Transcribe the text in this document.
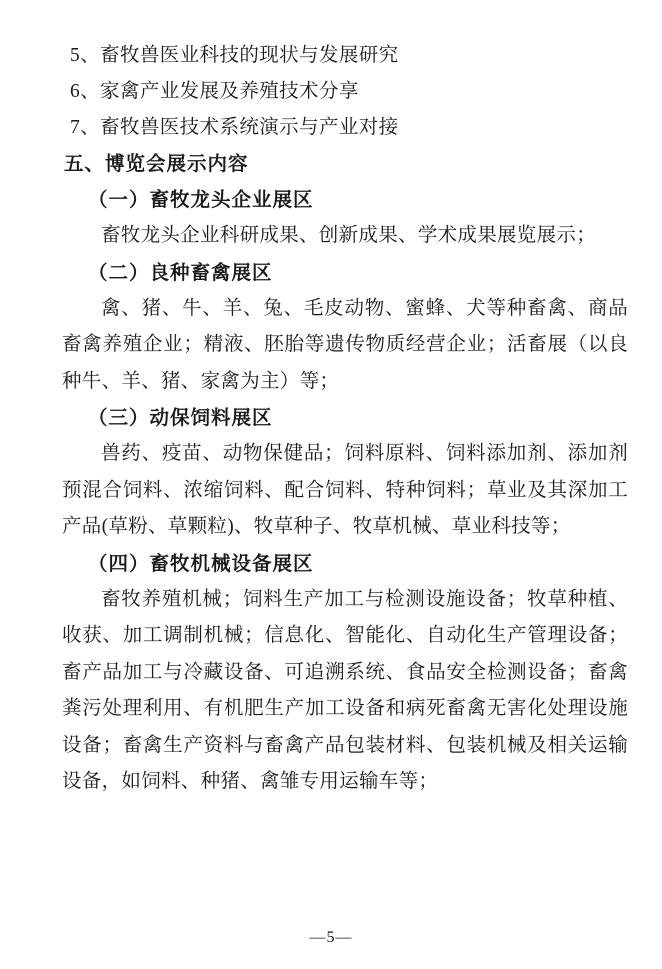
5、畜牧兽医业科技的现状与发展研究
6、家禽产业发展及养殖技术分享
7、畜牧兽医技术系统演示与产业对接
五、博览会展示内容
（一）畜牧龙头企业展区
畜牧龙头企业科研成果、创新成果、学术成果展览展示；
（二）良种畜禽展区
禽、猪、牛、羊、兔、毛皮动物、蜜蜂、犬等种畜禽、商品畜禽养殖企业；精液、胚胎等遗传物质经营企业；活畜展（以良种牛、羊、猪、家禽为主）等；
（三）动保饲料展区
兽药、疫苗、动物保健品；饲料原料、饲料添加剂、添加剂预混合饲料、浓缩饲料、配合饲料、特种饲料；草业及其深加工产品(草粉、草颗粒)、牧草种子、牧草机械、草业科技等；
（四）畜牧机械设备展区
畜牧养殖机械；饲料生产加工与检测设施设备；牧草种植、收获、加工调制机械；信息化、智能化、自动化生产管理设备；畜产品加工与冷藏设备、可追溯系统、食品安全检测设备；畜禽粪污处理利用、有机肥生产加工设备和病死畜禽无害化处理设施设备；畜禽生产资料与畜禽产品包装材料、包装机械及相关运输设备，如饲料、种猪、禽雏专用运输车等；
—5—
